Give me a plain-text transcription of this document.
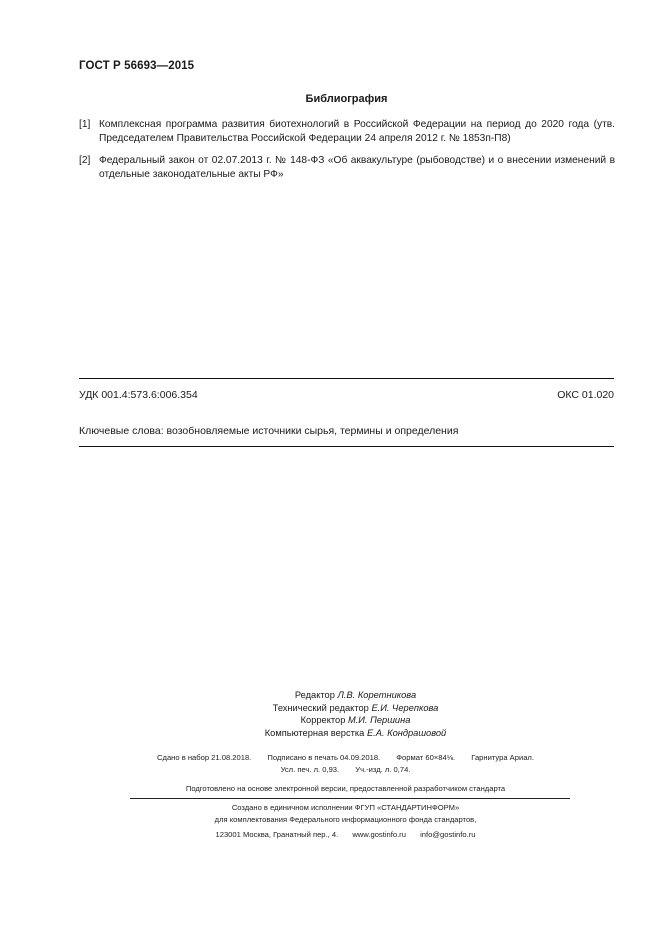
ГОСТ Р 56693—2015
Библиография
[1] Комплексная программа развития биотехнологий в Российской Федерации на период до 2020 года (утв. Председателем Правительства Российской Федерации 24 апреля 2012 г. № 1853п-П8)
[2] Федеральный закон от 02.07.2013 г. № 148-ФЗ «Об аквакультуре (рыбоводстве) и о внесении изменений в отдельные законодательные акты РФ»
УДК 001.4:573.6:006.354	ОКС 01.020
Ключевые слова: возобновляемые источники сырья, термины и определения
Редактор Л.В. Коретникова
Технический редактор Е.И. Черепкова
Корректор М.И. Першина
Компьютерная верстка Е.А. Кондрашовой
Сдано в набор 21.08.2018. Подписано в печать 04.09.2018. Формат 60×84⅛. Гарнитура Ариал.
Усл. печ. л. 0,93. Уч.-изд. л. 0,74.
Подготовлено на основе электронной версии, предоставленной разработчиком стандарта
Создано в единичном исполнении ФГУП «СТАНДАРТИНФОРМ»
для комплектования Федерального информационного фонда стандартов,
123001 Москва, Гранатный пер., 4. www.gostinfo.ru info@gostinfo.ru
